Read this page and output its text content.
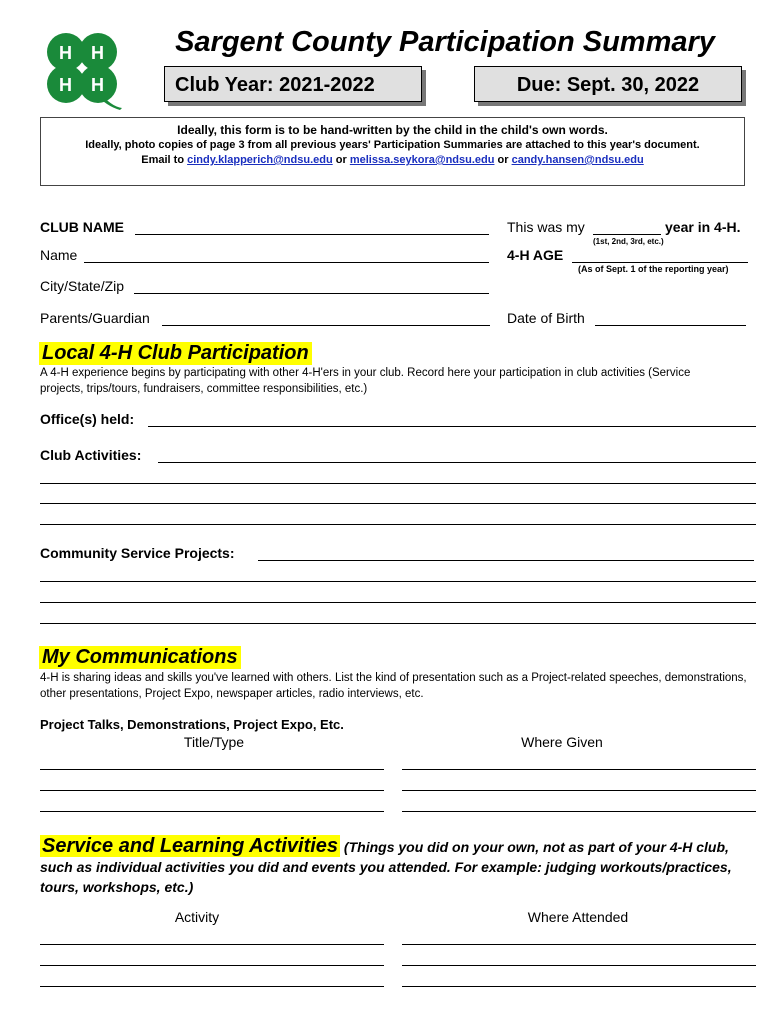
H H
H H
Sargent County Participation Summary
Club Year: 2021-2022	Due: Sept. 30, 2022
Ideally, this form is to be hand-written by the child in the child's own words.
Ideally, photo copies of page 3 from all previous years' Participation Summaries are attached to this year's document.
Email to cindy.klapperich@ndsu.edu or melissa.seykora@ndsu.edu or candy.hansen@ndsu.edu
CLUB NAME
Name
City/State/Zip
Parents/Guardian
This was my	year in 4-H.
(1st, 2nd, 3rd, etc.)
4-H AGE
(As of Sept. 1 of the reporting year)
Date of Birth
Local 4-H Club Participation
A 4-H experience begins by participating with other 4-H'ers in your club. Record here your participation in club activities (Service projects, trips/tours, fundraisers, committee responsibilities, etc.)
Office(s) held:
Club Activities:
Community Service Projects:
My Communications
4-H is sharing ideas and skills you've learned with others. List the kind of presentation such as a Project-related speeches, demonstrations, other presentations, Project Expo, newspaper articles, radio interviews, etc.
Project Talks, Demonstrations, Project Expo, Etc.
Title/Type	Where Given
Service and Learning Activities (Things you did on your own, not as part of your 4-H club, such as individual activities you did and events you attended. For example: judging workouts/practices, tours, workshops, etc.)
Activity	Where Attended
